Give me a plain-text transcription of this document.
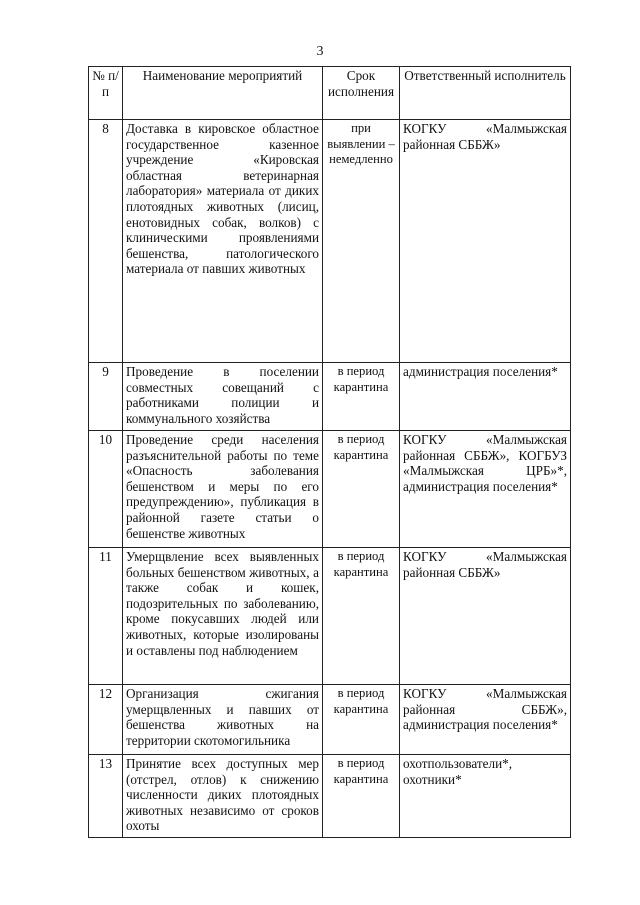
3
№ п/п	Наименование мероприятий	Срок исполнения	Ответственный исполнитель
8	Доставка в кировское областное государственное казенное учреждение «Кировская областная ветеринарная лаборатория» материала от диких плотоядных животных (лисиц, енотовидных собак, волков) с клиническими проявлениями бешенства, патологического материала от павших животных	при выявлении – немедленно	КОГКУ «Малмыжская районная СББЖ»
9	Проведение в поселении совместных совещаний с работниками полиции и коммунального хозяйства	в период карантина	администрация поселения*
10	Проведение среди населения разъяснительной работы по теме «Опасность заболевания бешенством и меры по его предупреждению», публикация в районной газете статьи о бешенстве животных	в период карантина	КОГКУ «Малмыжская районная СББЖ», КОГБУЗ «Малмыжская ЦРБ»*, администрация поселения*
11	Умерщвление всех выявленных больных бешенством животных, а также собак и кошек, подозрительных по заболеванию, кроме покусавших людей или животных, которые изолированы и оставлены под наблюдением	в период карантина	КОГКУ «Малмыжская районная СББЖ»
12	Организация сжигания умерщвленных и павших от бешенства животных на территории скотомогильника	в период карантина	КОГКУ «Малмыжская районная СББЖ», администрация поселения*
13	Принятие всех доступных мер (отстрел, отлов) к снижению численности диких плотоядных животных независимо от сроков охоты	в период карантина	охотпользователи*, охотники*
